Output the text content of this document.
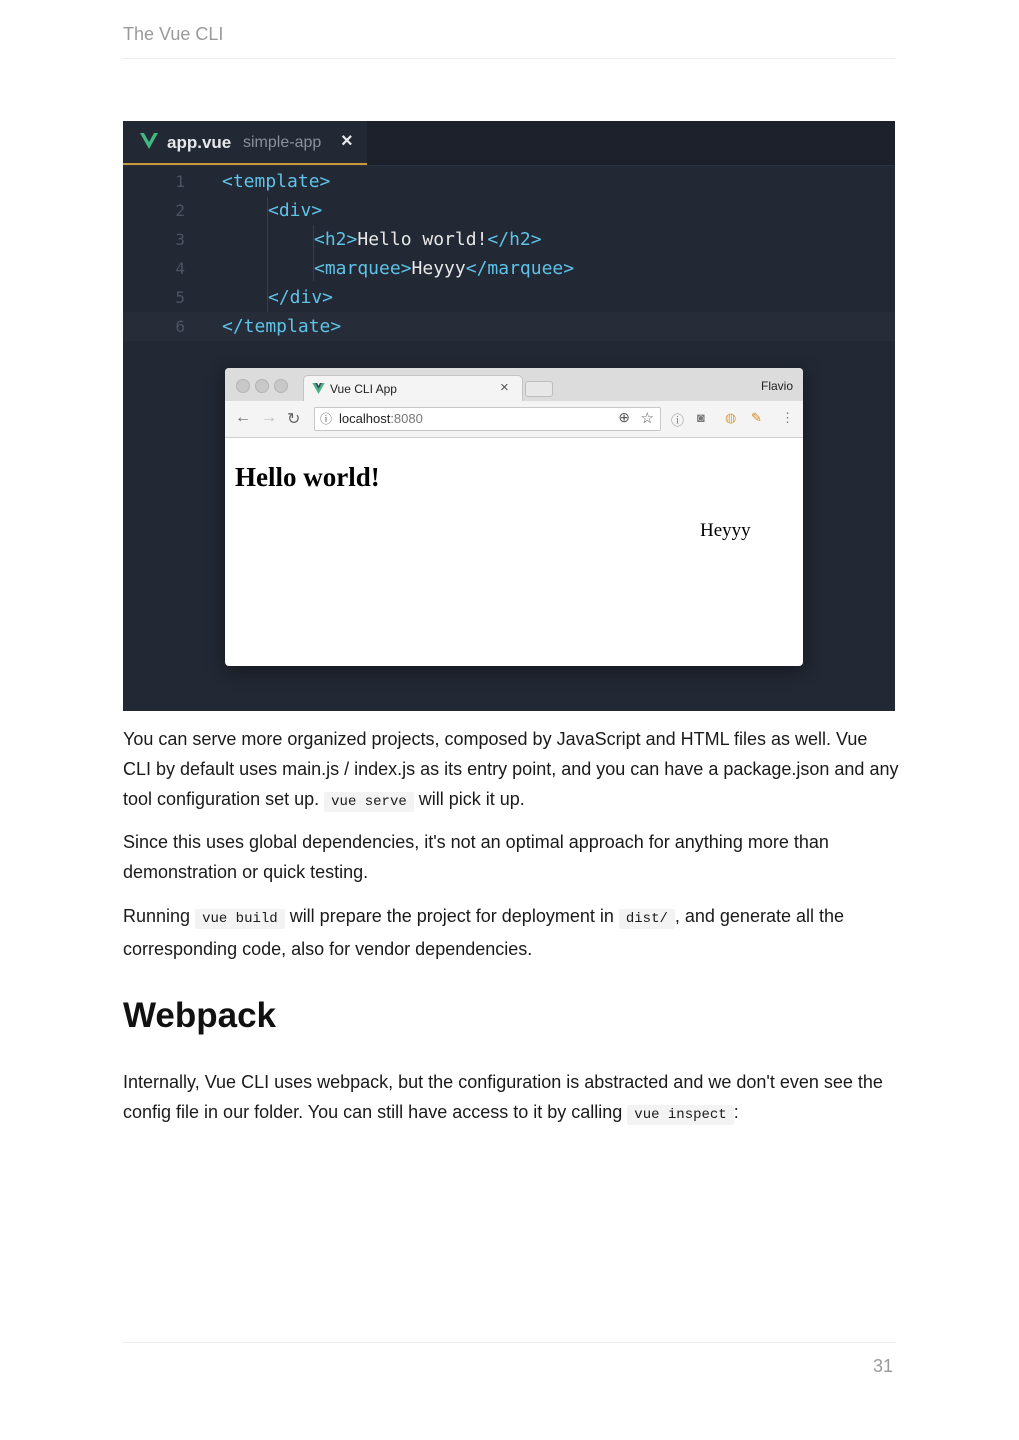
The Vue CLI
app.vue simple-app ×
1 <template>
2	<div>
3	<h2>Hello world!</h2>
4	<marquee>Heyyy</marquee>
5	</div>
6 </template>
Vue CLI App	×	Flavio
← → ↻ ⓘ localhost:8080	⊕ ☆ ⓘ ◙ ◍ ✎ ⋮
Hello world!
Heyyy
You can serve more organized projects, composed by JavaScript and HTML files as well. Vue CLI by default uses main.js / index.js as its entry point, and you can have a package.json and any tool configuration set up. vue serve will pick it up.
Since this uses global dependencies, it's not an optimal approach for anything more than demonstration or quick testing.
Running vue build will prepare the project for deployment in dist/ , and generate all the corresponding code, also for vendor dependencies.
Webpack
Internally, Vue CLI uses webpack, but the configuration is abstracted and we don't even see the config file in our folder. You can still have access to it by calling vue inspect :
31
